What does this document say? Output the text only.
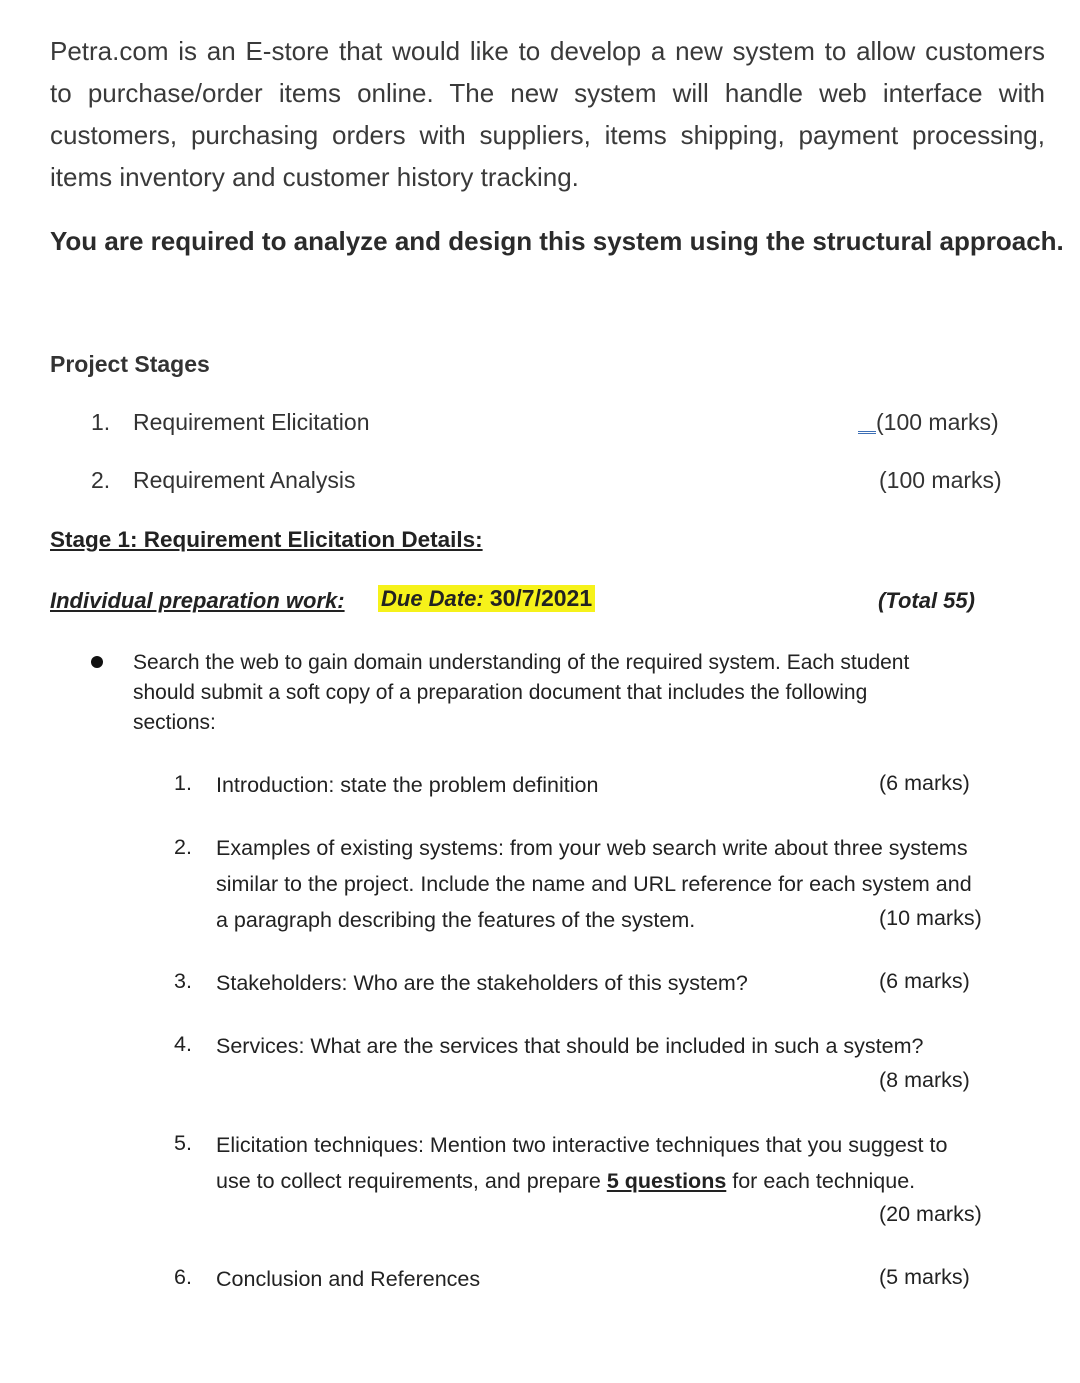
Petra.com is an E-store that would like to develop a new system to allow customers
to purchase/order items online. The new system will handle web interface with
customers, purchasing orders with suppliers, items shipping, payment processing,
items inventory and customer history tracking.
You are required to analyze and design this system using the structural approach.
Project Stages
1. Requirement Elicitation	(100 marks)
2. Requirement Analysis	(100 marks)
Stage 1: Requirement Elicitation Details:
Individual preparation work: Due Date: 30/7/2021	(Total 55)
Search the web to gain domain understanding of the required system. Each student
should submit a soft copy of a preparation document that includes the following
sections:
1. Introduction: state the problem definition	(6 marks)
2. Examples of existing systems: from your web search write about three systems
similar to the project. Include the name and URL reference for each system and
a paragraph describing the features of the system.	(10 marks)
3. Stakeholders: Who are the stakeholders of this system?	(6 marks)
4. Services: What are the services that should be included in such a system?
(8 marks)
5. Elicitation techniques: Mention two interactive techniques that you suggest to
use to collect requirements, and prepare 5 questions for each technique.
(20 marks)
6. Conclusion and References	(5 marks)
